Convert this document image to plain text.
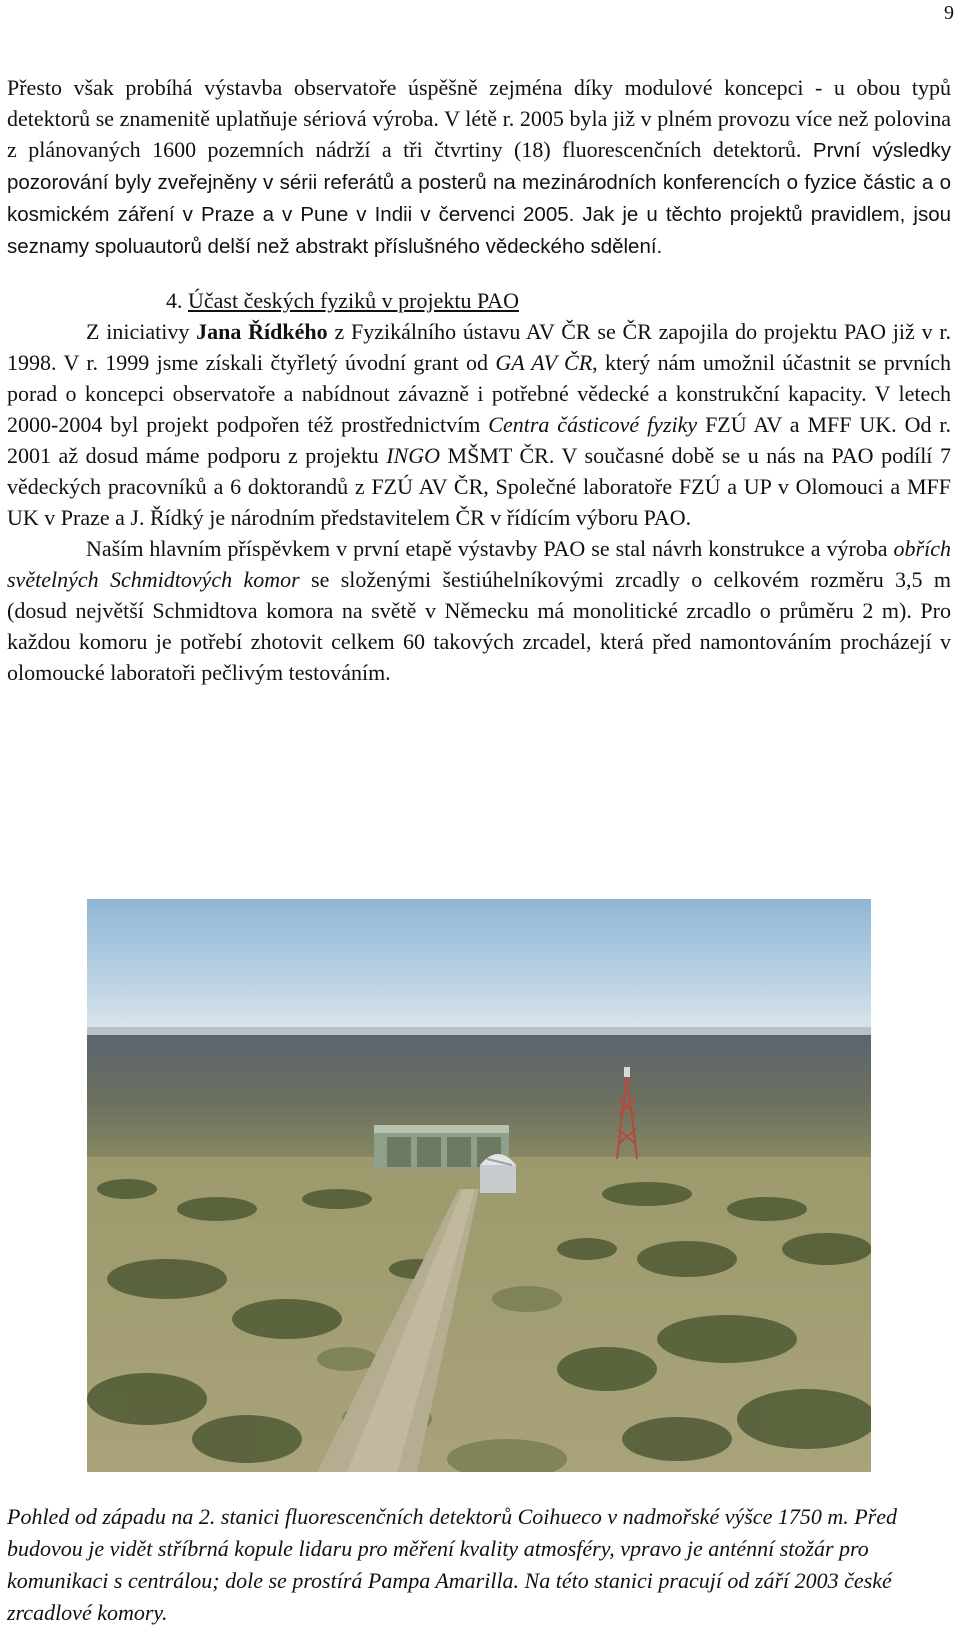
9

Přesto však probíhá výstavba observatoře úspěšně zejména díky modulové koncepci - u obou typů detektorů se znamenitě uplatňuje sériová výroba. V létě r. 2005 byla již v plném provozu více než polovina z plánovaných 1600 pozemních nádrží a tři čtvrtiny (18) fluorescenčních detektorů. První výsledky pozorování byly zveřejněny v sérii referátů a posterů na mezinárodních konferencích o fyzice částic a o kosmickém záření v Praze a v Pune v Indii v červenci 2005. Jak je u těchto projektů pravidlem, jsou seznamy spoluautorů delší než abstrakt příslušného vědeckého sdělení.

4. Účast českých fyziků v projektu PAO

Z iniciativy Jana Řídkého z Fyzikálního ústavu AV ČR se ČR zapojila do projektu PAO již v r. 1998. V r. 1999 jsme získali čtyřletý úvodní grant od GA AV ČR, který nám umožnil účastnit se prvních porad o koncepci observatoře a nabídnout závazně i potřebné vědecké a konstrukční kapacity. V letech 2000-2004 byl projekt podpořen též prostřednictvím Centra částicové fyziky FZÚ AV a MFF UK. Od r. 2001 až dosud máme podporu z projektu INGO MŠMT ČR. V současné době se u nás na PAO podílí 7 vědeckých pracovníků a 6 doktorandů z FZÚ AV ČR, Společné laboratoře FZÚ a UP v Olomouci a MFF UK v Praze a J. Řídký je národním představitelem ČR v řídícím výboru PAO.

Naším hlavním příspěvkem v první etapě výstavby PAO se stal návrh konstrukce a výroba obřích světelných Schmidtových komor se složenými šestiúhelníkovými zrcadly o celkovém rozměru 3,5 m (dosud největší Schmidtova komora na světě v Německu má monolitické zrcadlo o průměru 2 m). Pro každou komoru je potřebí zhotovit celkem 60 takových zrcadel, která před namontováním procházejí v olomoucké laboratoři pečlivým testováním.

Pohled od západu na 2. stanici fluorescenčních detektorů Coihueco v nadmořské výšce 1750 m. Před budovou je vidět stříbrná kopule lidaru pro měření kvality atmosféry, vpravo je anténní stožár pro komunikaci s centrálou; dole se prostírá Pampa Amarilla. Na této stanici pracují od září 2003 české zrcadlové komory.
